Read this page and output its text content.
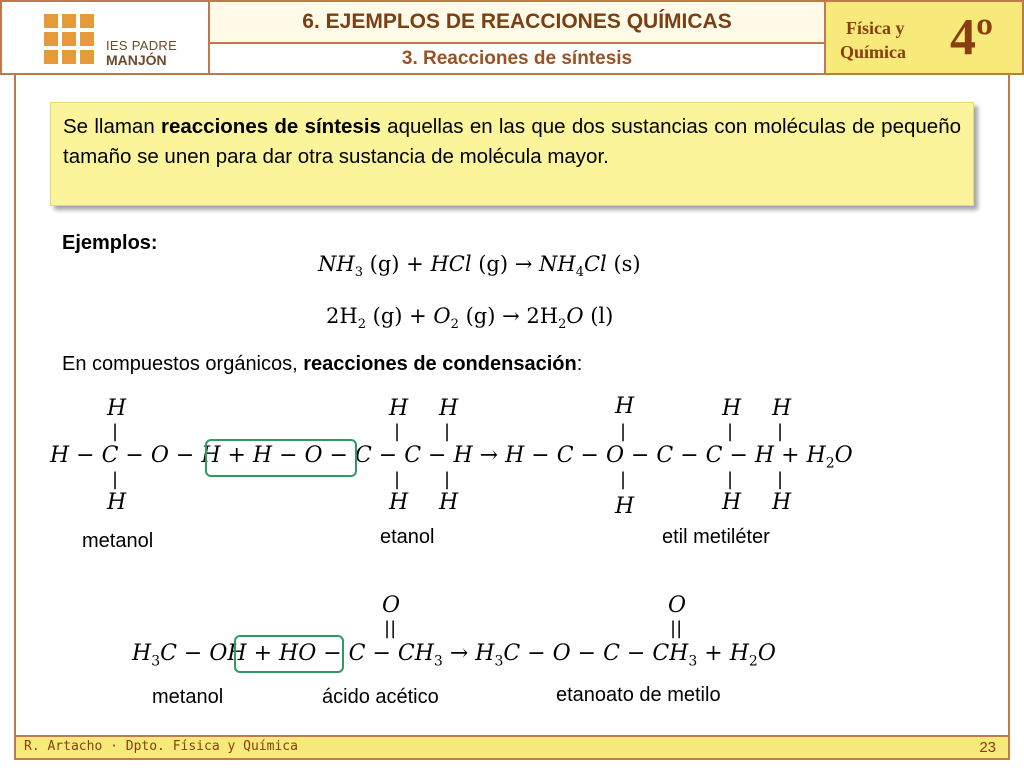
IES PADRE
MANJÓN
6. EJEMPLOS DE REACCIONES QUÍMICAS
3. Reacciones de síntesis
Física y
Química 4º
Se llaman reacciones de síntesis aquellas en las que dos sustancias con moléculas de pequeño tamaño se unen para dar otra sustancia de molécula mayor.
Ejemplos:
$NH_3$ (g) + HCl $(g) \to NH_4Cl$ (s)
$2H_2$ $(g) + O_2$ $(g) \to 2H_2O$ (l)
En compuestos orgánicos, reacciones de condensación:
$H - C - O - H + H - O - C - C - H \to H - C - O - C - C - H + H_2O$
H	H H	H	H H
|	| |	|	| |
|	| |	|	| |
H	H H	H	H H
metanol	etanol	etil metiléter
$H_3C$ − OH + HO − $C - CH_3 \to H_3C - O - C - CH_3 + H_2O$
O	O
||	||
metanol	ácido acético	etanoato de metilo
R. Artacho · Dpto. Física y Química	23
